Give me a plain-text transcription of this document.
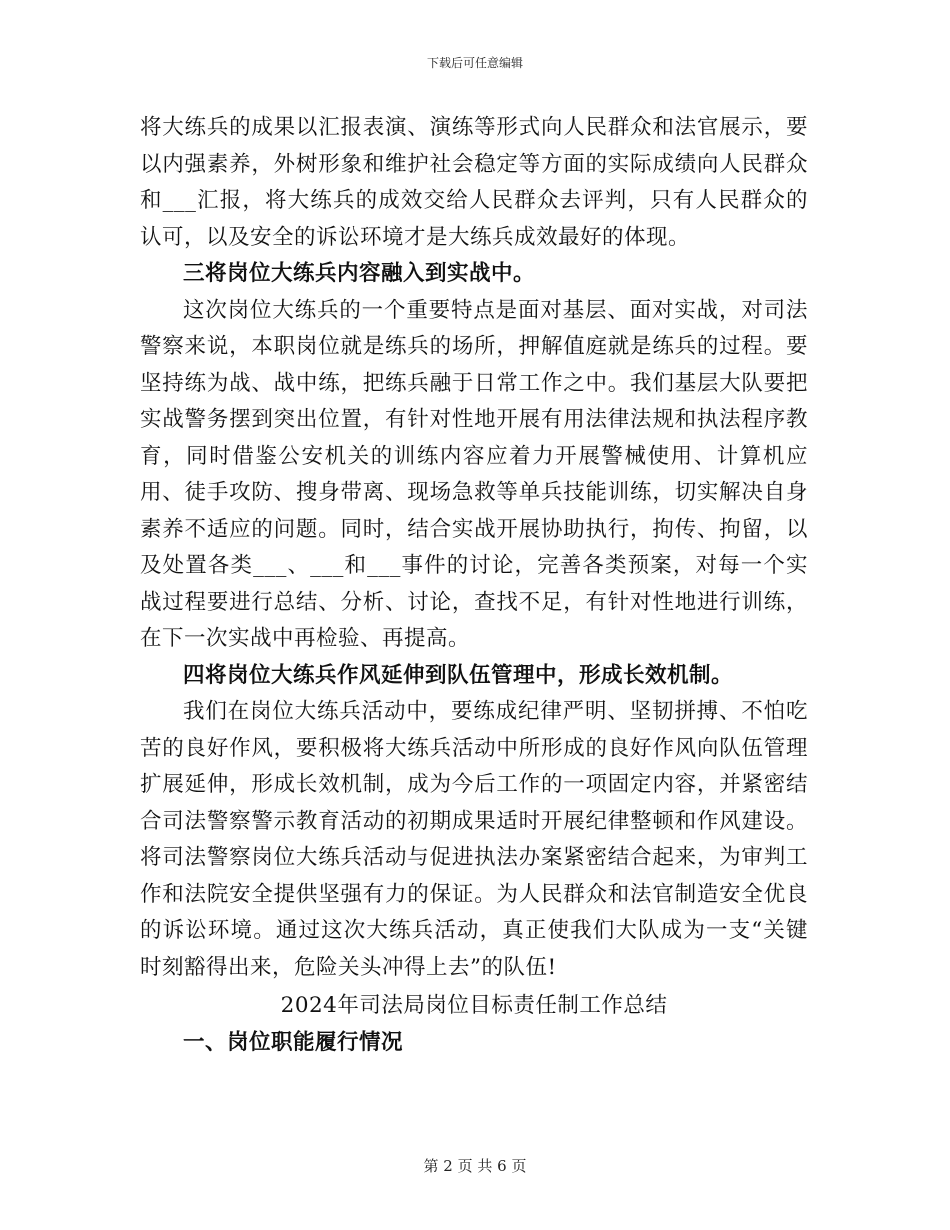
下载后可任意编辑

将大练兵的成果以汇报表演、演练等形式向人民群众和法官展示，要以内强素养，外树形象和维护社会稳定等方面的实际成绩向人民群众和___汇报，将大练兵的成效交给人民群众去评判，只有人民群众的认可，以及安全的诉讼环境才是大练兵成效最好的体现。

三将岗位大练兵内容融入到实战中。

这次岗位大练兵的一个重要特点是面对基层、面对实战，对司法警察来说，本职岗位就是练兵的场所，押解值庭就是练兵的过程。要坚持练为战、战中练，把练兵融于日常工作之中。我们基层大队要把实战警务摆到突出位置，有针对性地开展有用法律法规和执法程序教育，同时借鉴公安机关的训练内容应着力开展警械使用、计算机应用、徒手攻防、搜身带离、现场急救等单兵技能训练，切实解决自身素养不适应的问题。同时，结合实战开展协助执行，拘传、拘留，以及处置各类___、___和___事件的讨论，完善各类预案，对每一个实战过程要进行总结、分析、讨论，查找不足，有针对性地进行训练，在下一次实战中再检验、再提高。

四将岗位大练兵作风延伸到队伍管理中，形成长效机制。

我们在岗位大练兵活动中，要练成纪律严明、坚韧拼搏、不怕吃苦的良好作风，要积极将大练兵活动中所形成的良好作风向队伍管理扩展延伸，形成长效机制，成为今后工作的一项固定内容，并紧密结合司法警察警示教育活动的初期成果适时开展纪律整顿和作风建设。将司法警察岗位大练兵活动与促进执法办案紧密结合起来，为审判工作和法院安全提供坚强有力的保证。为人民群众和法官制造安全优良的诉讼环境。通过这次大练兵活动，真正使我们大队成为一支“关键时刻豁得出来，危险关头冲得上去”的队伍!

2024年司法局岗位目标责任制工作总结

一、岗位职能履行情况

第 2 页 共 6 页
